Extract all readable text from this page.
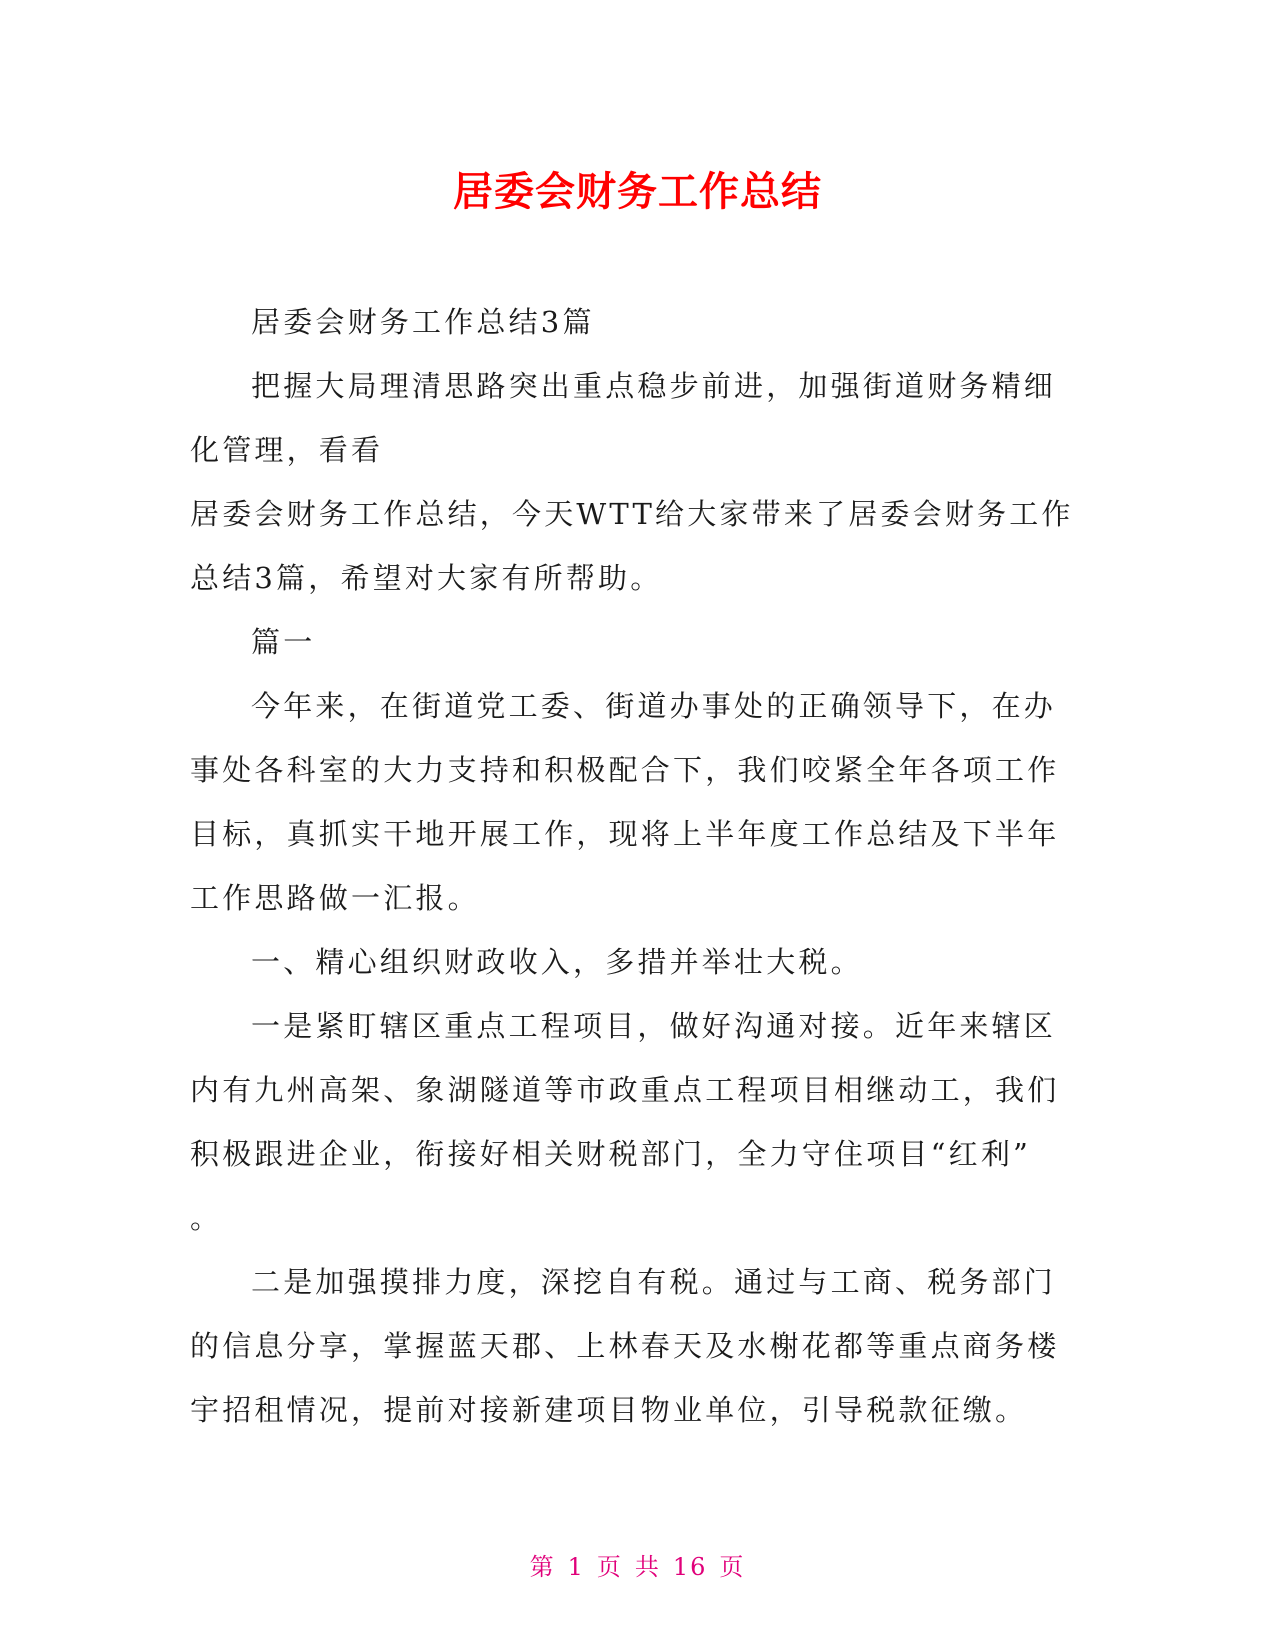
居委会财务工作总结

居委会财务工作总结3篇

把握大局理清思路突出重点稳步前进，加强街道财务精细
化管理，看看

居委会财务工作总结，今天WTT给大家带来了居委会财务工作
总结3篇，希望对大家有所帮助。

篇一

今年来，在街道党工委、街道办事处的正确领导下，在办
事处各科室的大力支持和积极配合下，我们咬紧全年各项工作
目标，真抓实干地开展工作，现将上半年度工作总结及下半年
工作思路做一汇报。

一、精心组织财政收入，多措并举壮大税。

一是紧盯辖区重点工程项目，做好沟通对接。近年来辖区
内有九州高架、象湖隧道等市政重点工程项目相继动工，我们
积极跟进企业，衔接好相关财税部门，全力守住项目“红利”
。

二是加强摸排力度，深挖自有税。通过与工商、税务部门
的信息分享，掌握蓝天郡、上林春天及水榭花都等重点商务楼
宇招租情况，提前对接新建项目物业单位，引导税款征缴。

第 1 页 共 16 页
